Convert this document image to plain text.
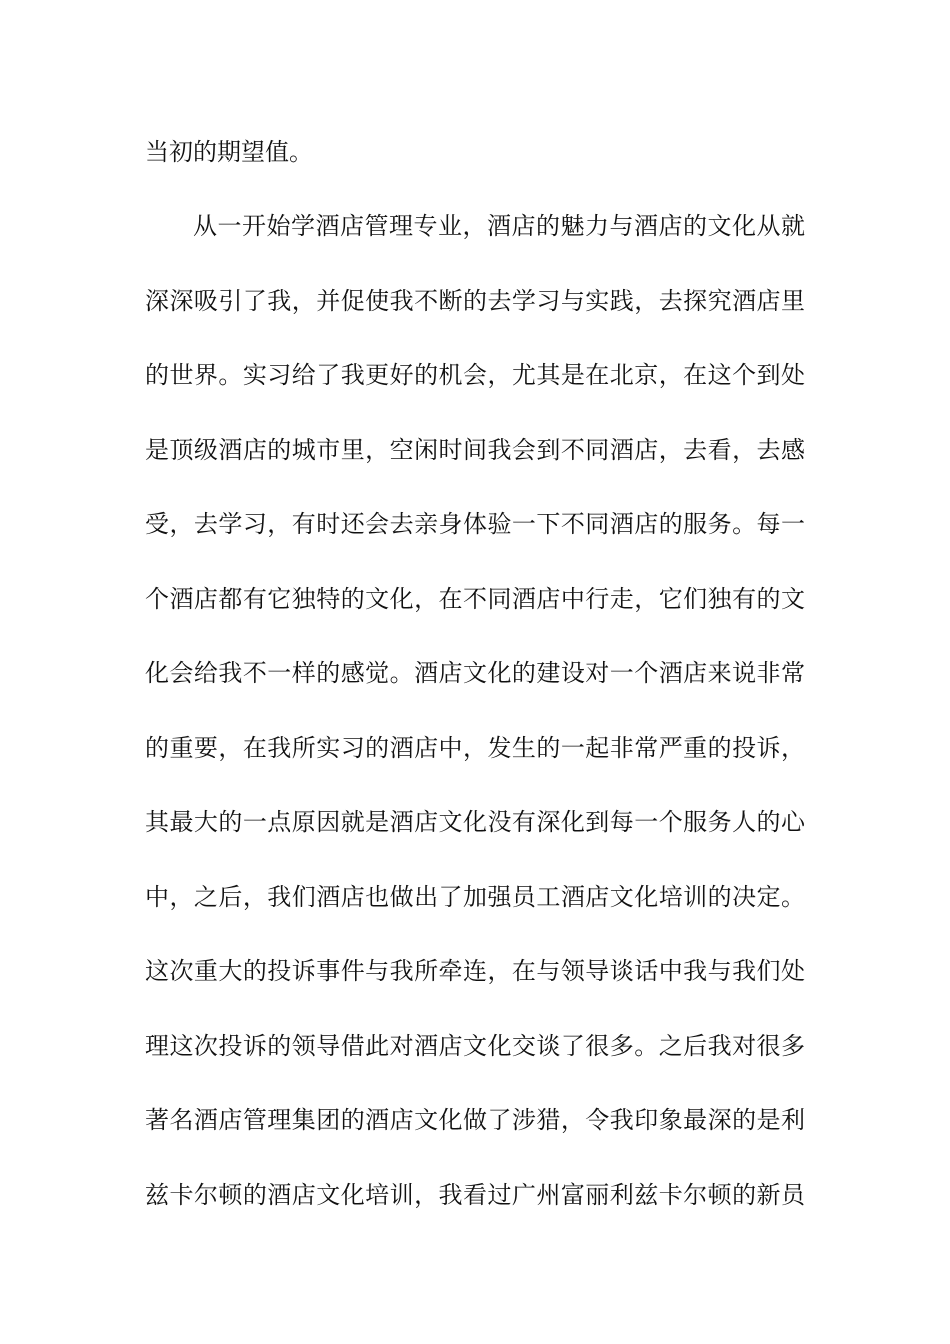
当初的期望值。
从一开始学酒店管理专业，酒店的魅力与酒店的文化从就
深深吸引了我，并促使我不断的去学习与实践，去探究酒店里
的世界。实习给了我更好的机会，尤其是在北京，在这个到处
是顶级酒店的城市里，空闲时间我会到不同酒店，去看，去感
受，去学习，有时还会去亲身体验一下不同酒店的服务。每一
个酒店都有它独特的文化，在不同酒店中行走，它们独有的文
化会给我不一样的感觉。酒店文化的建设对一个酒店来说非常
的重要，在我所实习的酒店中，发生的一起非常严重的投诉，
其最大的一点原因就是酒店文化没有深化到每一个服务人的心
中，之后，我们酒店也做出了加强员工酒店文化培训的决定。
这次重大的投诉事件与我所牵连，在与领导谈话中我与我们处
理这次投诉的领导借此对酒店文化交谈了很多。之后我对很多
著名酒店管理集团的酒店文化做了涉猎，令我印象最深的是利
兹卡尔顿的酒店文化培训，我看过广州富丽利兹卡尔顿的新员
